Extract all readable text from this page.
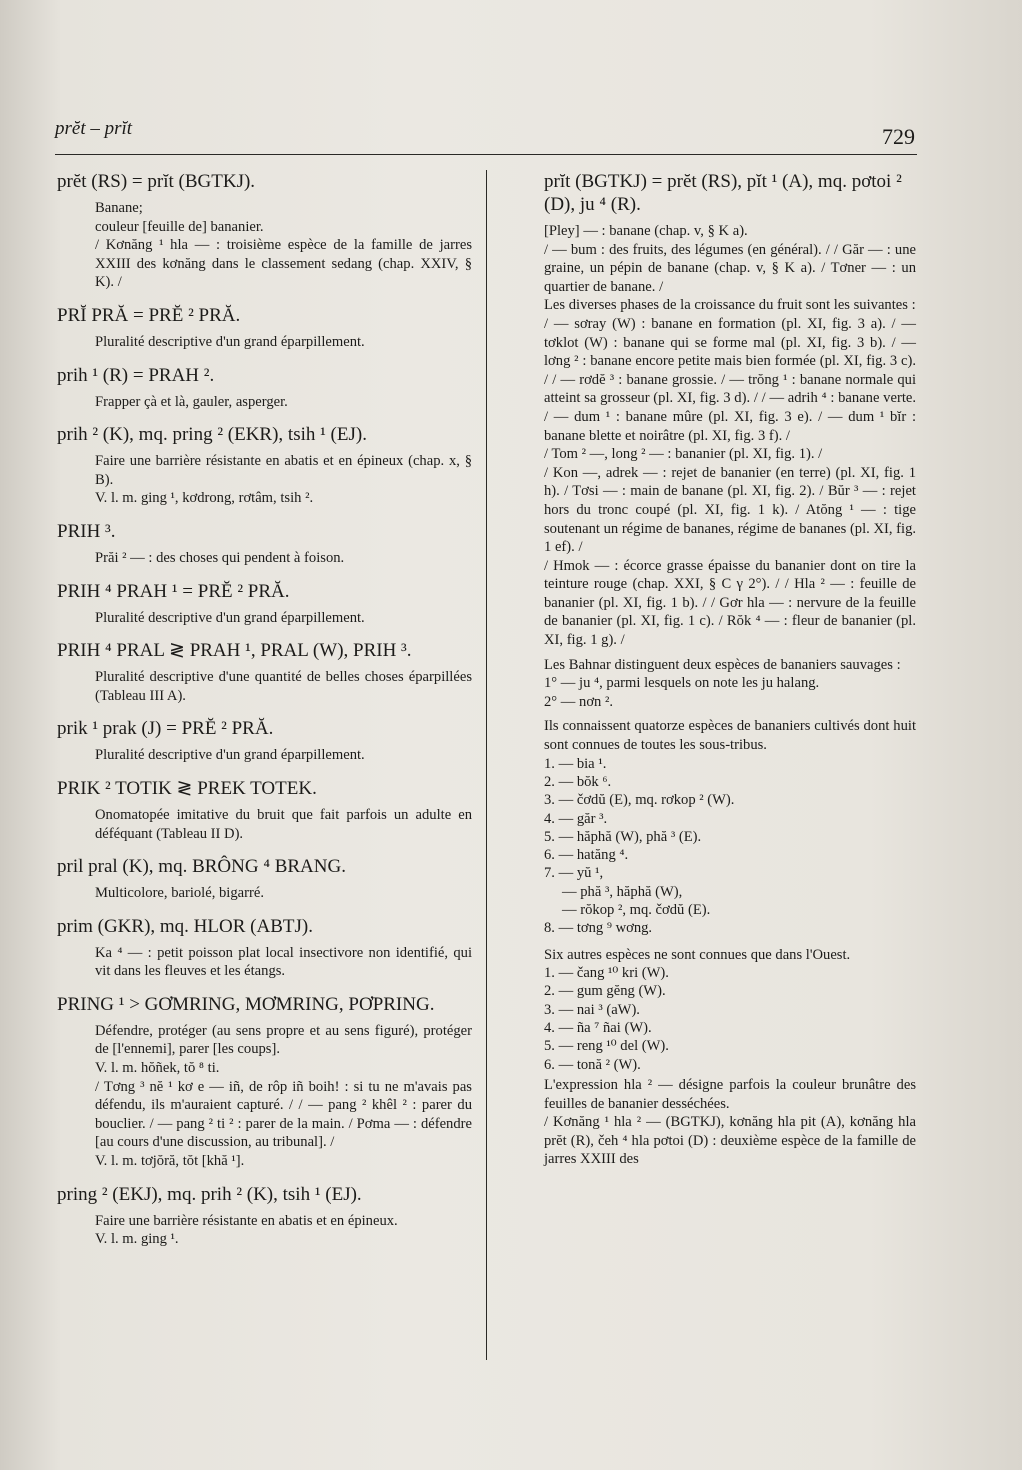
prĕt – prĭt	729
prĕt (RS) = prĭt (BGTKJ).

Banane;

couleur [feuille de] bananier.

/ Kơnăng ¹ hla — : troisième espèce de la famille de jarres XXIII des kơnăng dans le classement sedang (chap. XXIV, § K). /

PRĬ PRĂ = PRĔ ² PRĂ.

Pluralité descriptive d'un grand éparpillement.

prih ¹ (R) = PRAH ².

Frapper çà et là, gauler, asperger.

prih ² (K), mq. pring ² (EKR), tsih ¹ (EJ).

Faire une barrière résistante en abatis et en épineux (chap. x, § B).

V. l. m. ging ¹, kơdrong, rơtâm, tsih ².

PRIH ³.

Prăi ² — : des choses qui pendent à foison.

PRIH ⁴ PRAH ¹ = PRĔ ² PRĂ.

Pluralité descriptive d'un grand éparpillement.

PRIH ⁴ PRAL ≷ PRAH ¹, PRAL (W), PRIH ³.

Pluralité descriptive d'une quantité de belles choses éparpillées (Tableau III A).

prik ¹ prak (J) = PRĔ ² PRĂ.

Pluralité descriptive d'un grand éparpillement.

PRIK ² TOTIK ≷ PREK TOTEK.

Onomatopée imitative du bruit que fait parfois un adulte en déféquant (Tableau II D).

pril pral (K), mq. BRÔNG ⁴ BRANG.

Multicolore, bariolé, bigarré.

prim (GKR), mq. HLOR (ABTJ).

Ka ⁴ — : petit poisson plat local insectivore non identifié, qui vit dans les fleuves et les étangs.

PRING ¹ > GƠMRING, MƠMRING, PƠPRING.

Défendre, protéger (au sens propre et au sens figuré), protéger de [l'ennemi], parer [les coups].

V. l. m. hŏñek, tŏ ⁸ ti.

/ Tơng ³ nĕ ¹ kơ e — iñ, de rôp iñ boih! : si tu ne m'avais pas défendu, ils m'auraient capturé. / / — pang ² khêl ² : parer du bouclier. / — pang ² ti ² : parer de la main. / Pơma — : défendre [au cours d'une discussion, au tribunal]. /

V. l. m. tơjŏră, tŏt [khă ¹].

pring ² (EKJ), mq. prih ² (K), tsih ¹ (EJ).

Faire une barrière résistante en abatis et en épineux.

V. l. m. ging ¹.

prĭt (BGTKJ) = prĕt (RS), pĭt ¹ (A), mq. pơtoi ² (D), ju ⁴ (R).

[Pley] — : banane (chap. v, § K a).

/ — bum : des fruits, des légumes (en général). / / Găr — : une graine, un pépin de banane (chap. v, § K a). / Tơner — : un quartier de banane. /

Les diverses phases de la croissance du fruit sont les suivantes :

/ — sơray (W) : banane en formation (pl. XI, fig. 3 a). / — tơklot (W) : banane qui se forme mal (pl. XI, fig. 3 b). / — lơng ² : banane encore petite mais bien formée (pl. XI, fig. 3 c). / / — rơdĕ ³ : banane grossie. / — trŏng ¹ : banane normale qui atteint sa grosseur (pl. XI, fig. 3 d). / / — adrih ⁴ : banane verte. / — dum ¹ : banane mûre (pl. XI, fig. 3 e). / — dum ¹ bĭr : banane blette et noirâtre (pl. XI, fig. 3 f). /

/ Tom ² —, long ² — : bananier (pl. XI, fig. 1). /

/ Kon —, adrek — : rejet de bananier (en terre) (pl. XI, fig. 1 h). / Tơsi — : main de banane (pl. XI, fig. 2). / Bŭr ³ — : rejet hors du tronc coupé (pl. XI, fig. 1 k). / Atŏng ¹ — : tige soutenant un régime de bananes, régime de bananes (pl. XI, fig. 1 ef). /

/ Hmok — : écorce grasse épaisse du bananier dont on tire la teinture rouge (chap. XXI, § C γ 2°). / / Hla ² — : feuille de bananier (pl. XI, fig. 1 b). / / Gơr hla — : nervure de la feuille de bananier (pl. XI, fig. 1 c). / Rŏk ⁴ — : fleur de bananier (pl. XI, fig. 1 g). /

Les Bahnar distinguent deux espèces de bananiers sauvages :

1° — ju ⁴, parmi lesquels on note les ju halang.

2° — nơn ².

Ils connaissent quatorze espèces de bananiers cultivés dont huit sont connues de toutes les sous-tribus.

1. — bia ¹.

2. — bŏk ⁶.

3. — čơdŭ (E), mq. rơkop ² (W).

4. — găr ³.

5. — hăphă (W), phă ³ (E).

6. — hatăng ⁴.

7. — yŭ ¹,

— phă ³, hăphă (W),

— rŏkop ², mq. čơdŭ (E).

8. — tơng ⁹ wơng.

Six autres espèces ne sont connues que dans l'Ouest.

1. — čang ¹⁰ kri (W).

2. — gum gĕng (W).

3. — nai ³ (aW).

4. — ña ⁷ ñai (W).

5. — reng ¹⁰ del (W).

6. — tonă ² (W).

L'expression hla ² — désigne parfois la couleur brunâtre des feuilles de bananier desséchées.

/ Kơnăng ¹ hla ² — (BGTKJ), kơnăng hla pit (A), kơnăng hla prĕt (R), čeh ⁴ hla pơtoi (D) : deuxième espèce de la famille de jarres XXIII des
